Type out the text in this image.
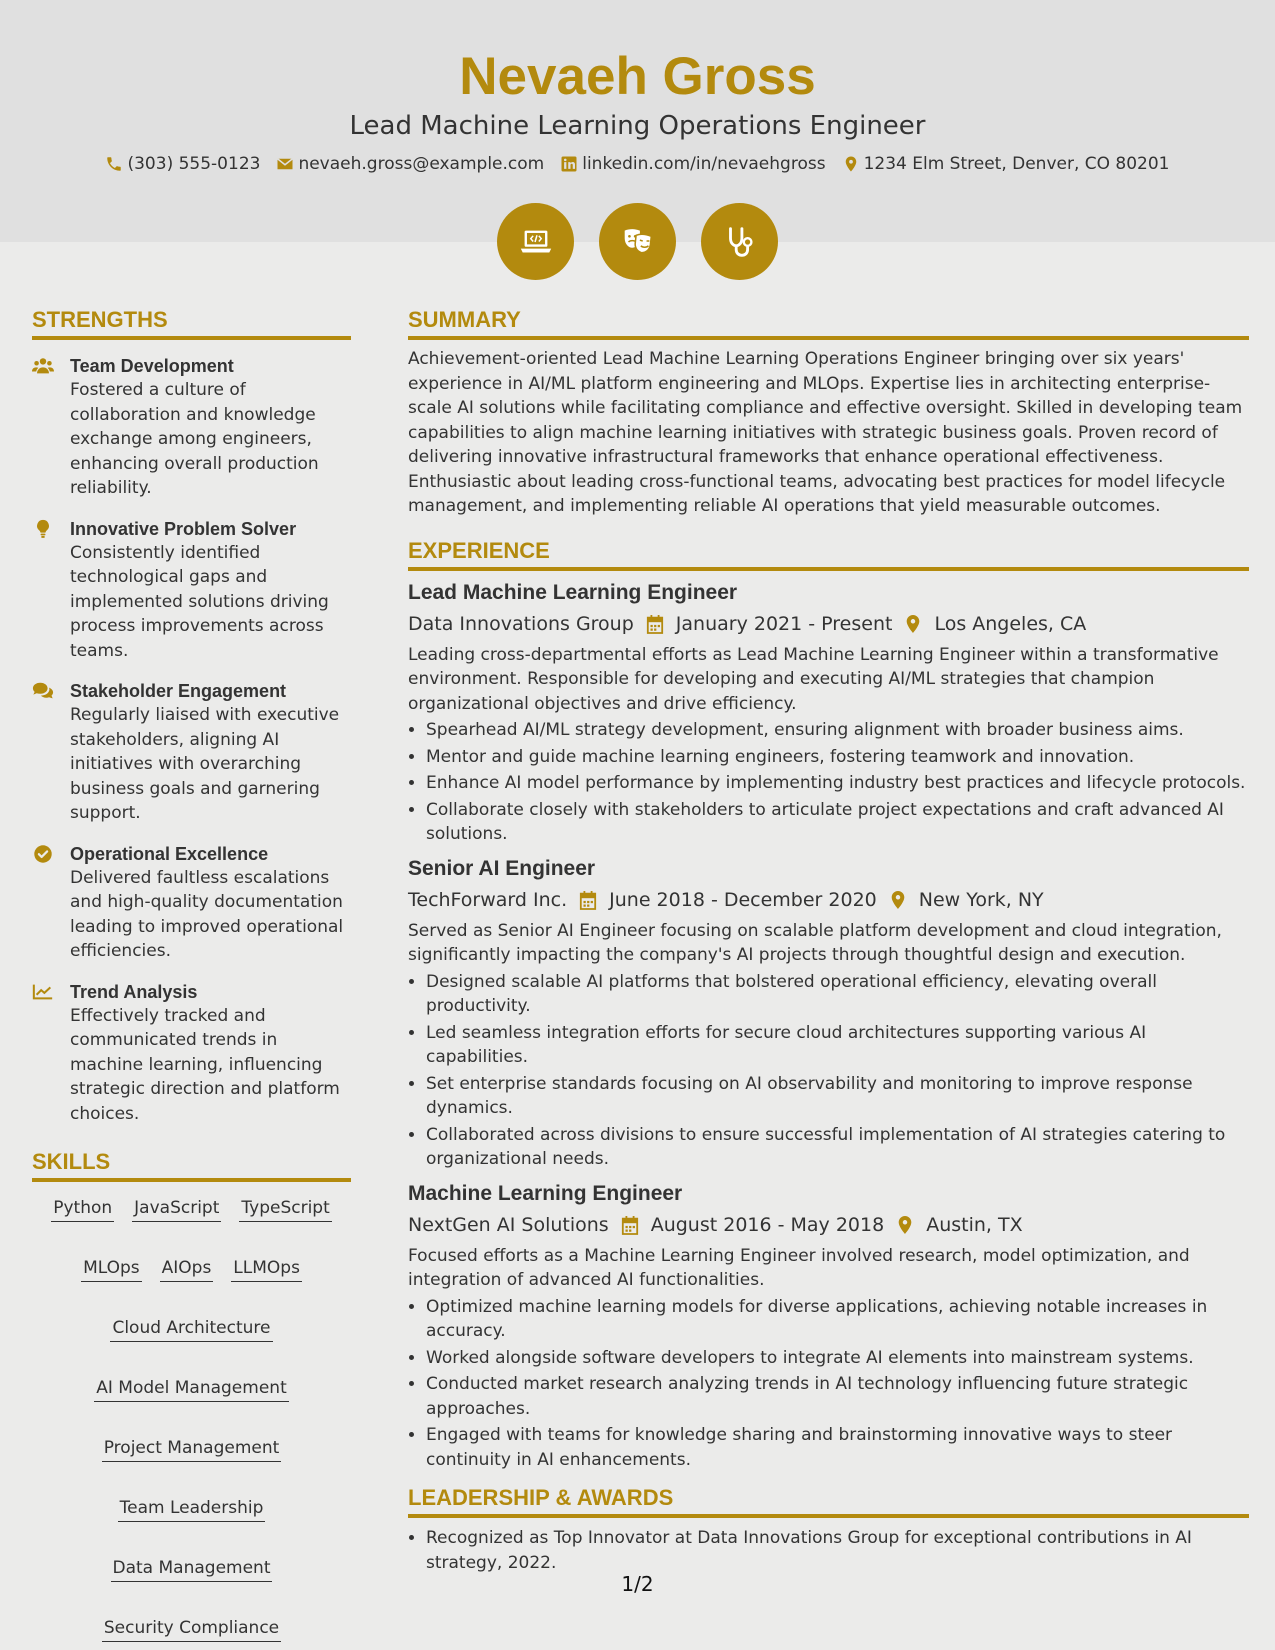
Nevaeh Gross
Lead Machine Learning Operations Engineer
(303) 555-0123 nevaeh.gross@example.com linkedin.com/in/nevaehgross 1234 Elm Street, Denver, CO 80201
STRENGTHS
Team Development
Fostered a culture of collaboration and knowledge exchange among engineers, enhancing overall production reliability.
Innovative Problem Solver
Consistently identified technological gaps and implemented solutions driving process improvements across teams.
Stakeholder Engagement
Regularly liaised with executive stakeholders, aligning AI initiatives with overarching business goals and garnering support.
Operational Excellence
Delivered faultless escalations and high-quality documentation leading to improved operational efficiencies.
Trend Analysis
Effectively tracked and communicated trends in machine learning, influencing strategic direction and platform choices.
SKILLS
Python JavaScript TypeScript
MLOps AIOps LLMOps
Cloud Architecture
AI Model Management
Project Management
Team Leadership
Data Management
Security Compliance
SUMMARY
Achievement-oriented Lead Machine Learning Operations Engineer bringing over six years' experience in AI/ML platform engineering and MLOps. Expertise lies in architecting enterprise-scale AI solutions while facilitating compliance and effective oversight. Skilled in developing team capabilities to align machine learning initiatives with strategic business goals. Proven record of delivering innovative infrastructural frameworks that enhance operational effectiveness. Enthusiastic about leading cross-functional teams, advocating best practices for model lifecycle management, and implementing reliable AI operations that yield measurable outcomes.
EXPERIENCE
Lead Machine Learning Engineer
Data Innovations Group January 2021 - Present Los Angeles, CA
Leading cross-departmental efforts as Lead Machine Learning Engineer within a transformative environment. Responsible for developing and executing AI/ML strategies that champion organizational objectives and drive efficiency.
• Spearhead AI/ML strategy development, ensuring alignment with broader business aims.
• Mentor and guide machine learning engineers, fostering teamwork and innovation.
• Enhance AI model performance by implementing industry best practices and lifecycle protocols.
• Collaborate closely with stakeholders to articulate project expectations and craft advanced AI solutions.
Senior AI Engineer
TechForward Inc. June 2018 - December 2020 New York, NY
Served as Senior AI Engineer focusing on scalable platform development and cloud integration, significantly impacting the company's AI projects through thoughtful design and execution.
• Designed scalable AI platforms that bolstered operational efficiency, elevating overall productivity.
• Led seamless integration efforts for secure cloud architectures supporting various AI capabilities.
• Set enterprise standards focusing on AI observability and monitoring to improve response dynamics.
• Collaborated across divisions to ensure successful implementation of AI strategies catering to organizational needs.
Machine Learning Engineer
NextGen AI Solutions August 2016 - May 2018 Austin, TX
Focused efforts as a Machine Learning Engineer involved research, model optimization, and integration of advanced AI functionalities.
• Optimized machine learning models for diverse applications, achieving notable increases in accuracy.
• Worked alongside software developers to integrate AI elements into mainstream systems.
• Conducted market research analyzing trends in AI technology influencing future strategic approaches.
• Engaged with teams for knowledge sharing and brainstorming innovative ways to steer continuity in AI enhancements.
LEADERSHIP & AWARDS
• Recognized as Top Innovator at Data Innovations Group for exceptional contributions in AI strategy, 2022.
1/2
